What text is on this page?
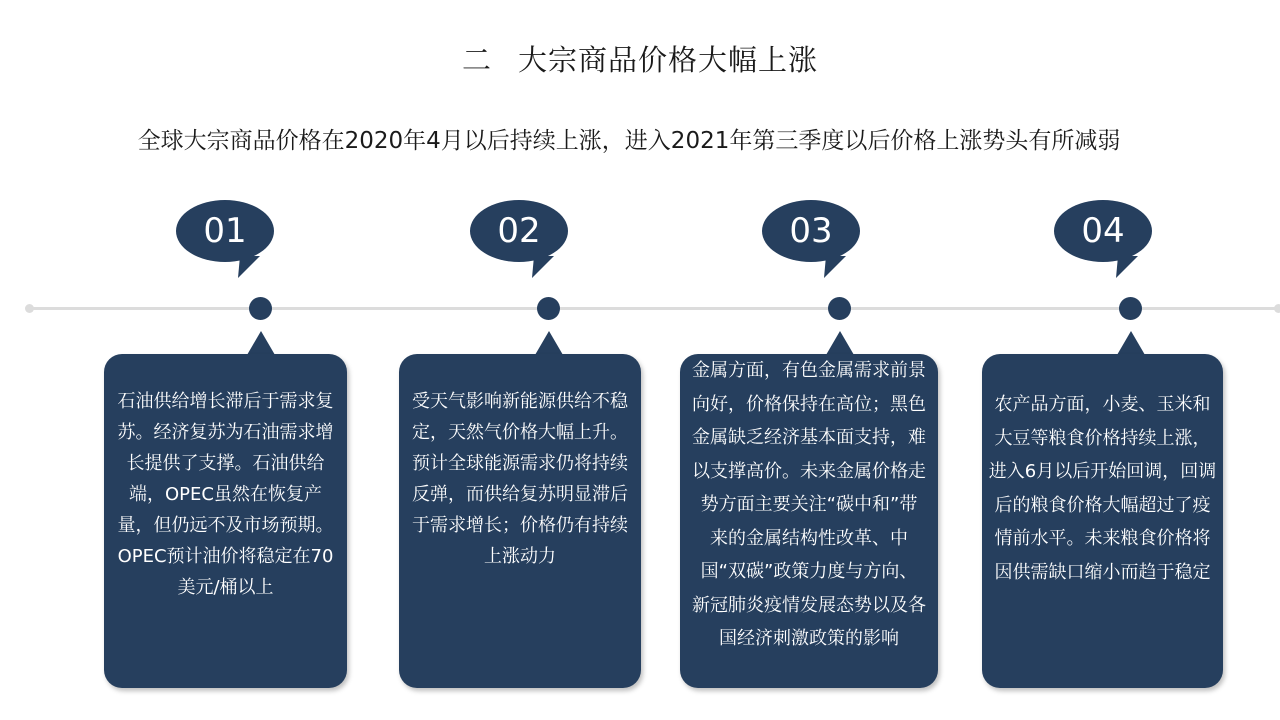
二 大宗商品价格大幅上涨
全球大宗商品价格在2020年4月以后持续上涨，进入2021年第三季度以后价格上涨势头有所减弱
01
石油供给增长滞后于需求复苏。经济复苏为石油需求增长提供了支撑。石油供给端，OPEC虽然在恢复产量，但仍远不及市场预期。OPEC预计油价将稳定在70美元/桶以上
02
受天气影响新能源供给不稳定，天然气价格大幅上升。预计全球能源需求仍将持续反弹，而供给复苏明显滞后于需求增长；价格仍有持续上涨动力
03
金属方面，有色金属需求前景向好，价格保持在高位；黑色金属缺乏经济基本面支持，难以支撑高价。未来金属价格走势方面主要关注“碳中和”带来的金属结构性改革、中国“双碳”政策力度与方向、新冠肺炎疫情发展态势以及各国经济刺激政策的影响
04
农产品方面，小麦、玉米和大豆等粮食价格持续上涨，进入6月以后开始回调，回调后的粮食价格大幅超过了疫情前水平。未来粮食价格将因供需缺口缩小而趋于稳定
